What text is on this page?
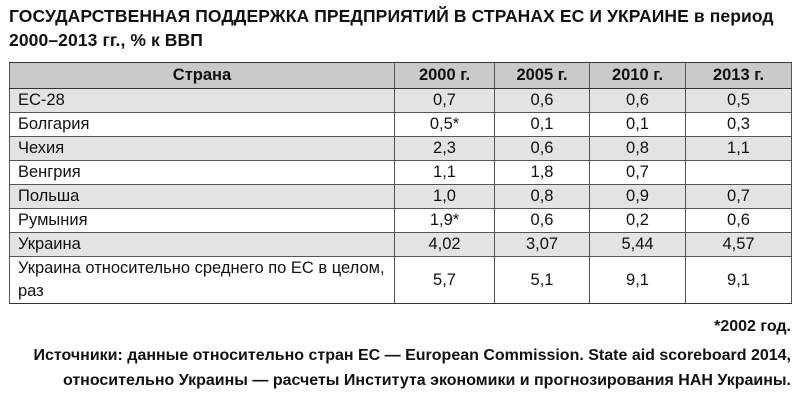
ГОСУДАРСТВЕННАЯ ПОДДЕРЖКА ПРЕДПРИЯТИЙ В СТРАНАХ ЕС И УКРАИНЕ в период 2000–2013 гг., % к ВВП
Страна	2000 г.	2005 г.	2010 г.	2013 г.
ЕС-28	0,7	0,6	0,6	0,5
Болгария	0,5*	0,1	0,1	0,3
Чехия	2,3	0,6	0,8	1,1
Венгрия	1,1	1,8	0,7	
Польша	1,0	0,8	0,9	0,7
Румыния	1,9*	0,6	0,2	0,6
Украина	4,02	3,07	5,44	4,57
Украина относительно среднего по ЕС в целом, раз	5,7	5,1	9,1	9,1
*2002 год.
Источники: данные относительно стран ЕС — European Commission. State aid scoreboard 2014, относительно Украины — расчеты Института экономики и прогнозирования НАН Украины.
